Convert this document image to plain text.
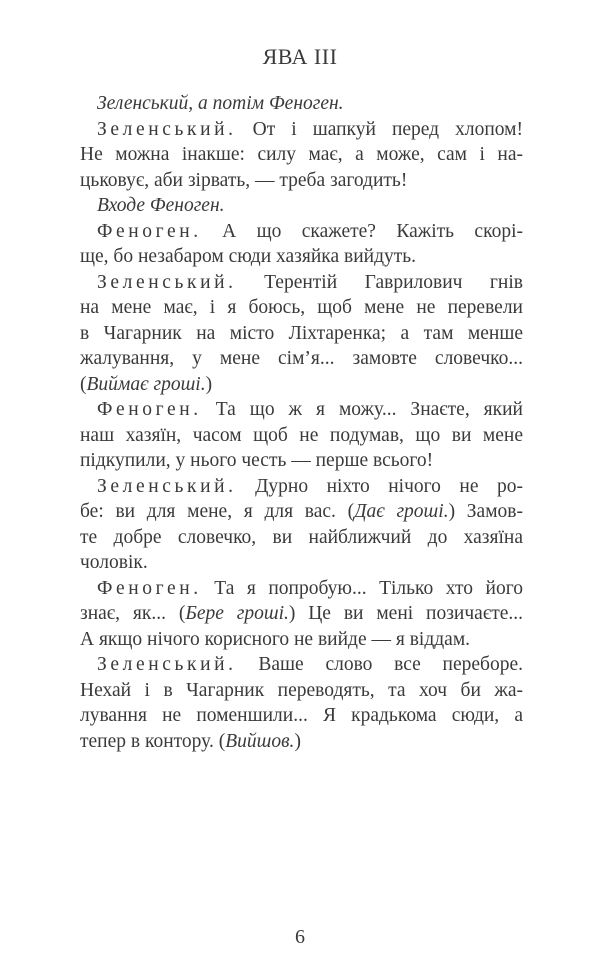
ЯВА III
Зеленський, а потім Феноген.
Зеленський. От і шапкуй перед хлопом!
Не можна інакше: силу має, а може, сам і на-
цьковує, аби зірвать, — треба загодить!
Входе Феноген.
Феноген. А що скажете? Кажіть скорі-
ще, бо незабаром сюди хазяйка вийдуть.
Зеленський. Терентій Гаврилович гнів
на мене має, і я боюсь, щоб мене не перевели
в Чагарник на місто Ліхтаренка; а там менше
жалування, у мене сім’я... замовте словечко...
(Виймає гроші.)
Феноген. Та що ж я можу... Знаєте, який
наш хазяїн, часом щоб не подумав, що ви мене
підкупили, у нього честь — перше всього!
Зеленський. Дурно ніхто нічого не ро-
бе: ви для мене, я для вас. (Дає гроші.) Замов-
те добре словечко, ви найближчий до хазяїна
чоловік.
Феноген. Та я попробую... Тілько хто його
знає, як... (Бере гроші.) Це ви мені позичаєте...
А якщо нічого корисного не вийде — я віддам.
Зеленський. Ваше слово все переборе.
Нехай і в Чагарник переводять, та хоч би жа-
лування не поменшили... Я крадькома сюди, а
тепер в контору. (Вийшов.)
6
